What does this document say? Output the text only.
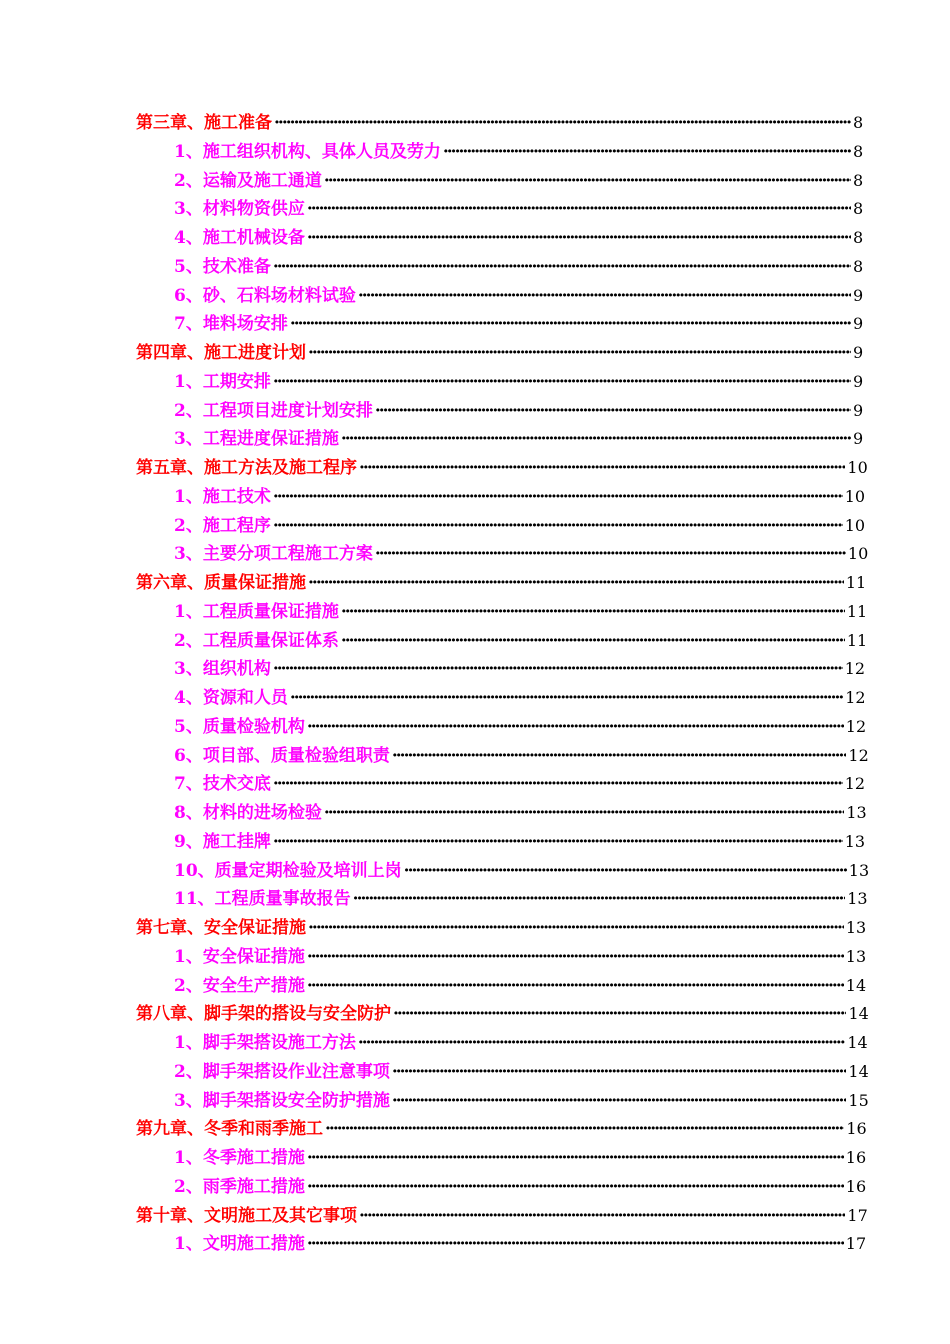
第三章、施工准备 ·····	8
1、施工组织机构、具体人员及劳力 ·····	8
2、运输及施工通道 ·····	8
3、材料物资供应 ·····	8
4、施工机械设备 ·····	8
5、技术准备 ·····	8
6、砂、石料场材料试验 ·····	9
7、堆料场安排 ·····	9
第四章、施工进度计划 ·····	9
1、工期安排 ·····	9
2、工程项目进度计划安排 ·····	9
3、工程进度保证措施 ·····	9
第五章、施工方法及施工程序 ·····	10
1、施工技术 ·····	10
2、施工程序 ·····	10
3、主要分项工程施工方案 ·····	10
第六章、质量保证措施 ·····	11
1、工程质量保证措施 ·····	11
2、工程质量保证体系 ·····	11
3、组织机构 ·····	12
4、资源和人员 ·····	12
5、质量检验机构 ·····	12
6、项目部、质量检验组职责 ·····	12
7、技术交底 ·····	12
8、材料的进场检验 ·····	13
9、施工挂牌 ·····	13
10、质量定期检验及培训上岗 ·····	13
11、工程质量事故报告 ·····	13
第七章、安全保证措施 ·····	13
1、安全保证措施 ·····	13
2、安全生产措施 ·····	14
第八章、脚手架的搭设与安全防护 ·····	14
1、脚手架搭设施工方法 ·····	14
2、脚手架搭设作业注意事项 ·····	14
3、脚手架搭设安全防护措施 ·····	15
第九章、冬季和雨季施工 ·····	16
1、冬季施工措施 ·····	16
2、雨季施工措施 ·····	16
第十章、文明施工及其它事项 ·····	17
1、文明施工措施 ·····	17
